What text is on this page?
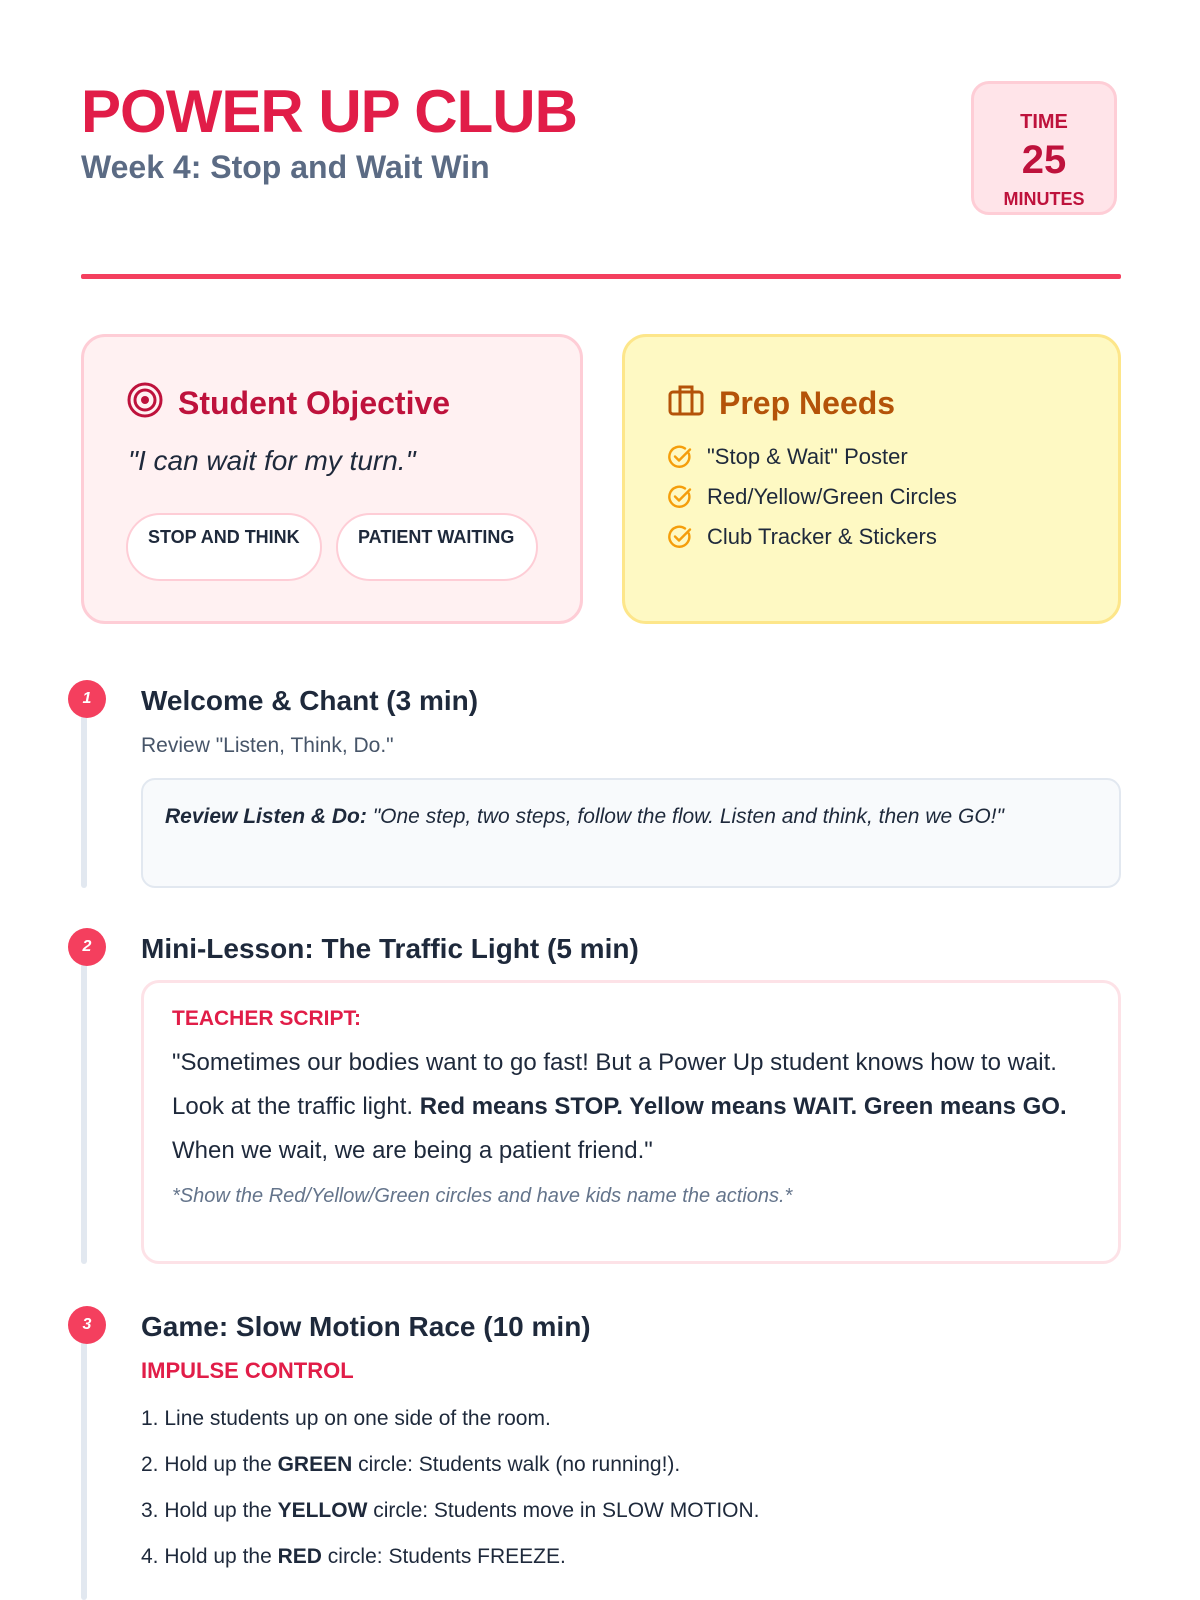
POWER UP CLUB
Week 4: Stop and Wait Win
TIME
25
MINUTES
Student Objective
"I can wait for my turn."
STOP AND THINK	PATIENT WAITING
Prep Needs
"Stop & Wait" Poster
Red/Yellow/Green Circles
Club Tracker & Stickers
1	Welcome & Chant (3 min)
Review "Listen, Think, Do."
Review Listen & Do: "One step, two steps, follow the flow. Listen and think, then we GO!"
2	Mini-Lesson: The Traffic Light (5 min)
TEACHER SCRIPT:
"Sometimes our bodies want to go fast! But a Power Up student knows how to wait. Look at the traffic light. Red means STOP. Yellow means WAIT. Green means GO. When we wait, we are being a patient friend."
*Show the Red/Yellow/Green circles and have kids name the actions.*
3	Game: Slow Motion Race (10 min)
IMPULSE CONTROL
1. Line students up on one side of the room.
2. Hold up the GREEN circle: Students walk (no running!).
3. Hold up the YELLOW circle: Students move in SLOW MOTION.
4. Hold up the RED circle: Students FREEZE.
